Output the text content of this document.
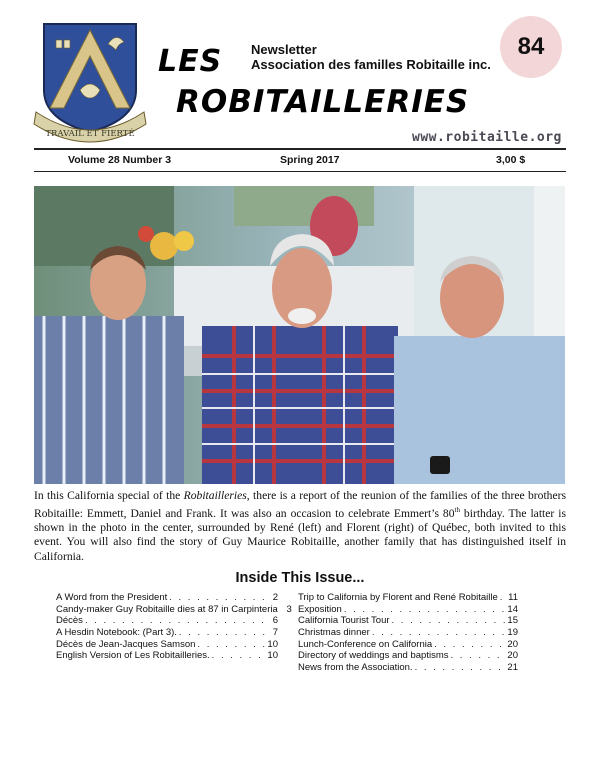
TRAVAIL ET FIERTÉ
LES
ROBITAILLERIES
Newsletter
Association des familles Robitaille inc.
84
www.robitaille.org
Volume 28 Number 3	Spring 2017	3,00 $

In this California special of the Robitailleries, there is a report of the reunion of the families of the three brothers Robitaille: Emmett, Daniel and Frank. It was also an occasion to celebrate Emmert’s 80th birthday. The latter is shown in the photo in the center, surrounded by René (left) and Florent (right) of Québec, both invited to this event. You will also find the story of Guy Maurice Robitaille, another family that has distinguished itself in California.

Inside This Issue...
A Word from the President . . .	2
Candy-maker Guy Robitaille dies at 87 in Carpinteria 3
Décès . . .	6
A Hesdin Notebook: (Part 3). . . .	7
Décès de Jean-Jacques Samson . . .	10
English Version of Les Robitailleries. . . .	10
Trip to California by Florent and René Robitaille . . . 11
Exposition . . .	14
California Tourist Tour . . .	15
Christmas dinner . . .	19
Lunch-Conference on California . . .	20
Directory of weddings and baptisms . . .	20
News from the Association. . . .	21
